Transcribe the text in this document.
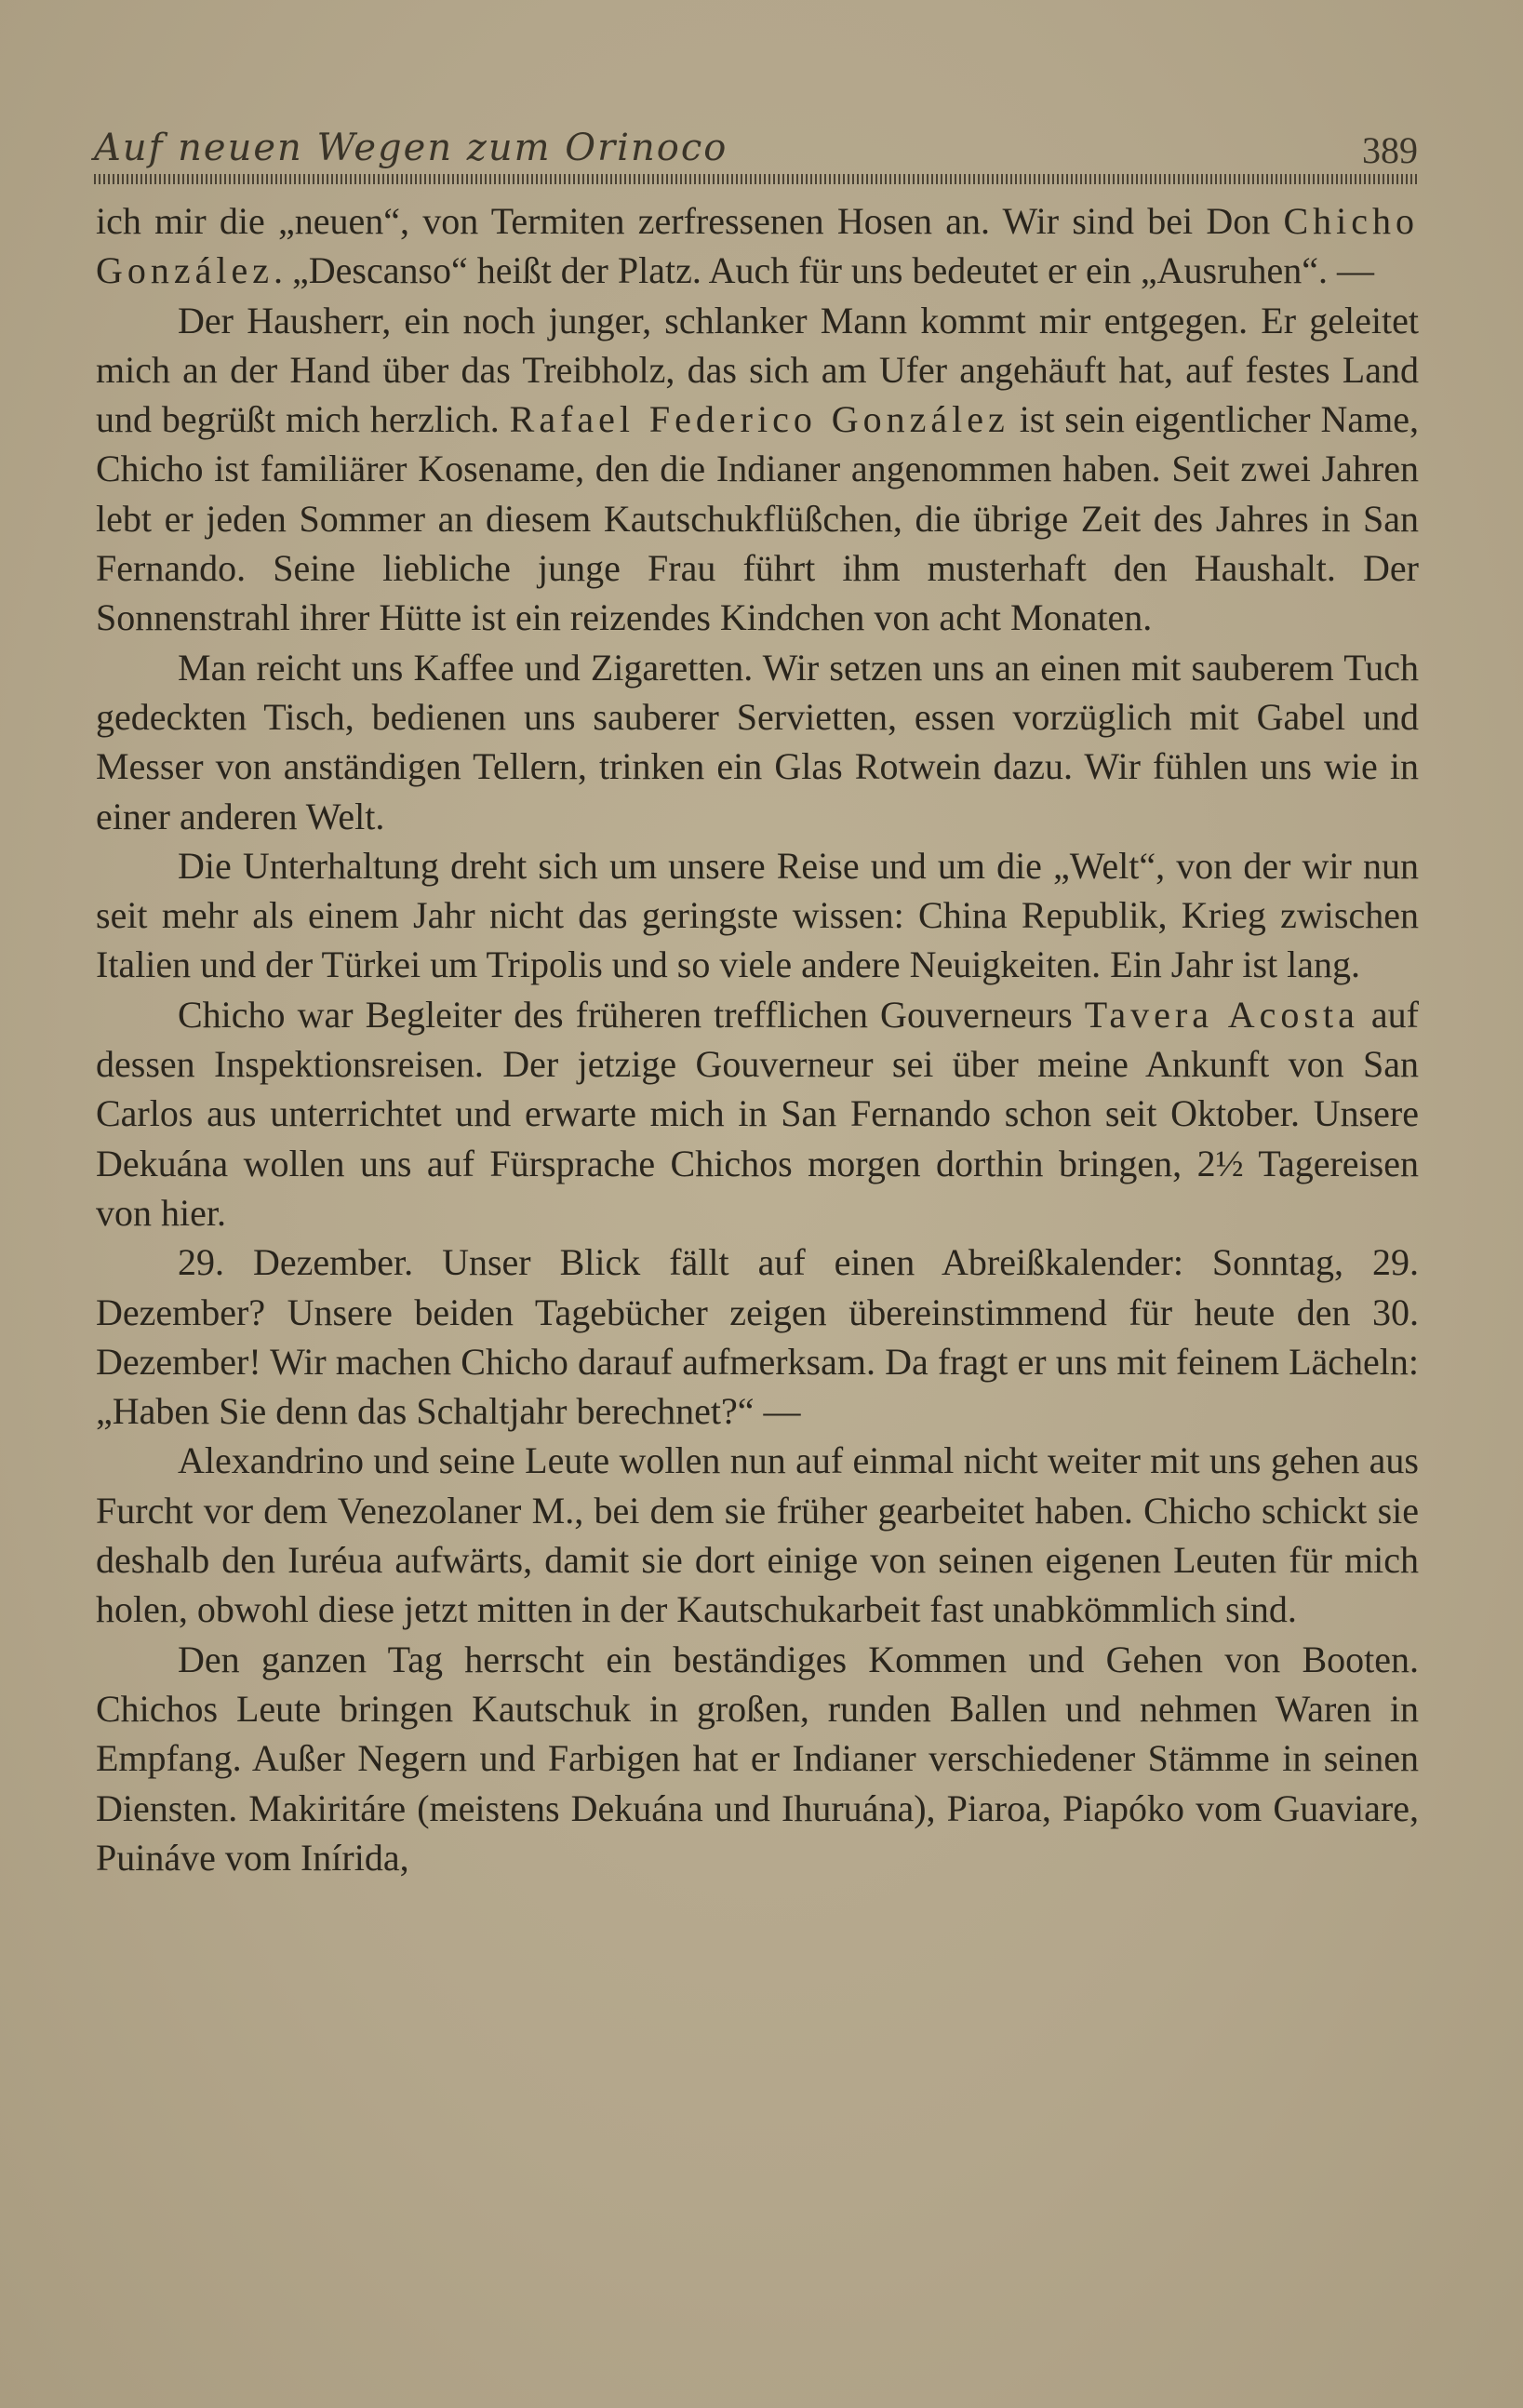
Auf neuen Wegen zum Orinoco	389

ich mir die „neuen“, von Termiten zerfressenen Hosen an. Wir sind bei Don Chicho González. „Descanso“ heißt der Platz. Auch für uns bedeutet er ein „Ausruhen“. —

Der Hausherr, ein noch junger, schlanker Mann kommt mir entgegen. Er geleitet mich an der Hand über das Treibholz, das sich am Ufer angehäuft hat, auf festes Land und begrüßt mich herzlich. Rafael Federico González ist sein eigentlicher Name, Chicho ist familiärer Kosename, den die Indianer angenommen haben. Seit zwei Jahren lebt er jeden Sommer an diesem Kautschukflüßchen, die übrige Zeit des Jahres in San Fernando. Seine liebliche junge Frau führt ihm musterhaft den Haushalt. Der Sonnenstrahl ihrer Hütte ist ein reizendes Kindchen von acht Monaten.

Man reicht uns Kaffee und Zigaretten. Wir setzen uns an einen mit sauberem Tuch gedeckten Tisch, bedienen uns sauberer Servietten, essen vorzüglich mit Gabel und Messer von anständigen Tellern, trinken ein Glas Rotwein dazu. Wir fühlen uns wie in einer anderen Welt.

Die Unterhaltung dreht sich um unsere Reise und um die „Welt“, von der wir nun seit mehr als einem Jahr nicht das geringste wissen: China Republik, Krieg zwischen Italien und der Türkei um Tripolis und so viele andere Neuigkeiten. Ein Jahr ist lang.

Chicho war Begleiter des früheren trefflichen Gouverneurs Tavera Acosta auf dessen Inspektionsreisen. Der jetzige Gouverneur sei über meine Ankunft von San Carlos aus unterrichtet und erwarte mich in San Fernando schon seit Oktober. Unsere Dekuána wollen uns auf Fürsprache Chichos morgen dorthin bringen, 2½ Tagereisen von hier.

29. Dezember. Unser Blick fällt auf einen Abreißkalender: Sonntag, 29. Dezember? Unsere beiden Tagebücher zeigen übereinstimmend für heute den 30. Dezember! Wir machen Chicho darauf aufmerksam. Da fragt er uns mit feinem Lächeln: „Haben Sie denn das Schaltjahr berechnet?“ —

Alexandrino und seine Leute wollen nun auf einmal nicht weiter mit uns gehen aus Furcht vor dem Venezolaner M., bei dem sie früher gearbeitet haben. Chicho schickt sie deshalb den Iuréua aufwärts, damit sie dort einige von seinen eigenen Leuten für mich holen, obwohl diese jetzt mitten in der Kautschukarbeit fast unabkömmlich sind.

Den ganzen Tag herrscht ein beständiges Kommen und Gehen von Booten. Chichos Leute bringen Kautschuk in großen, runden Ballen und nehmen Waren in Empfang. Außer Negern und Farbigen hat er Indianer verschiedener Stämme in seinen Diensten. Makiritáre (meistens Dekuána und Ihuruána), Piaroa, Piapóko vom Guaviare, Puináve vom Inírida,
